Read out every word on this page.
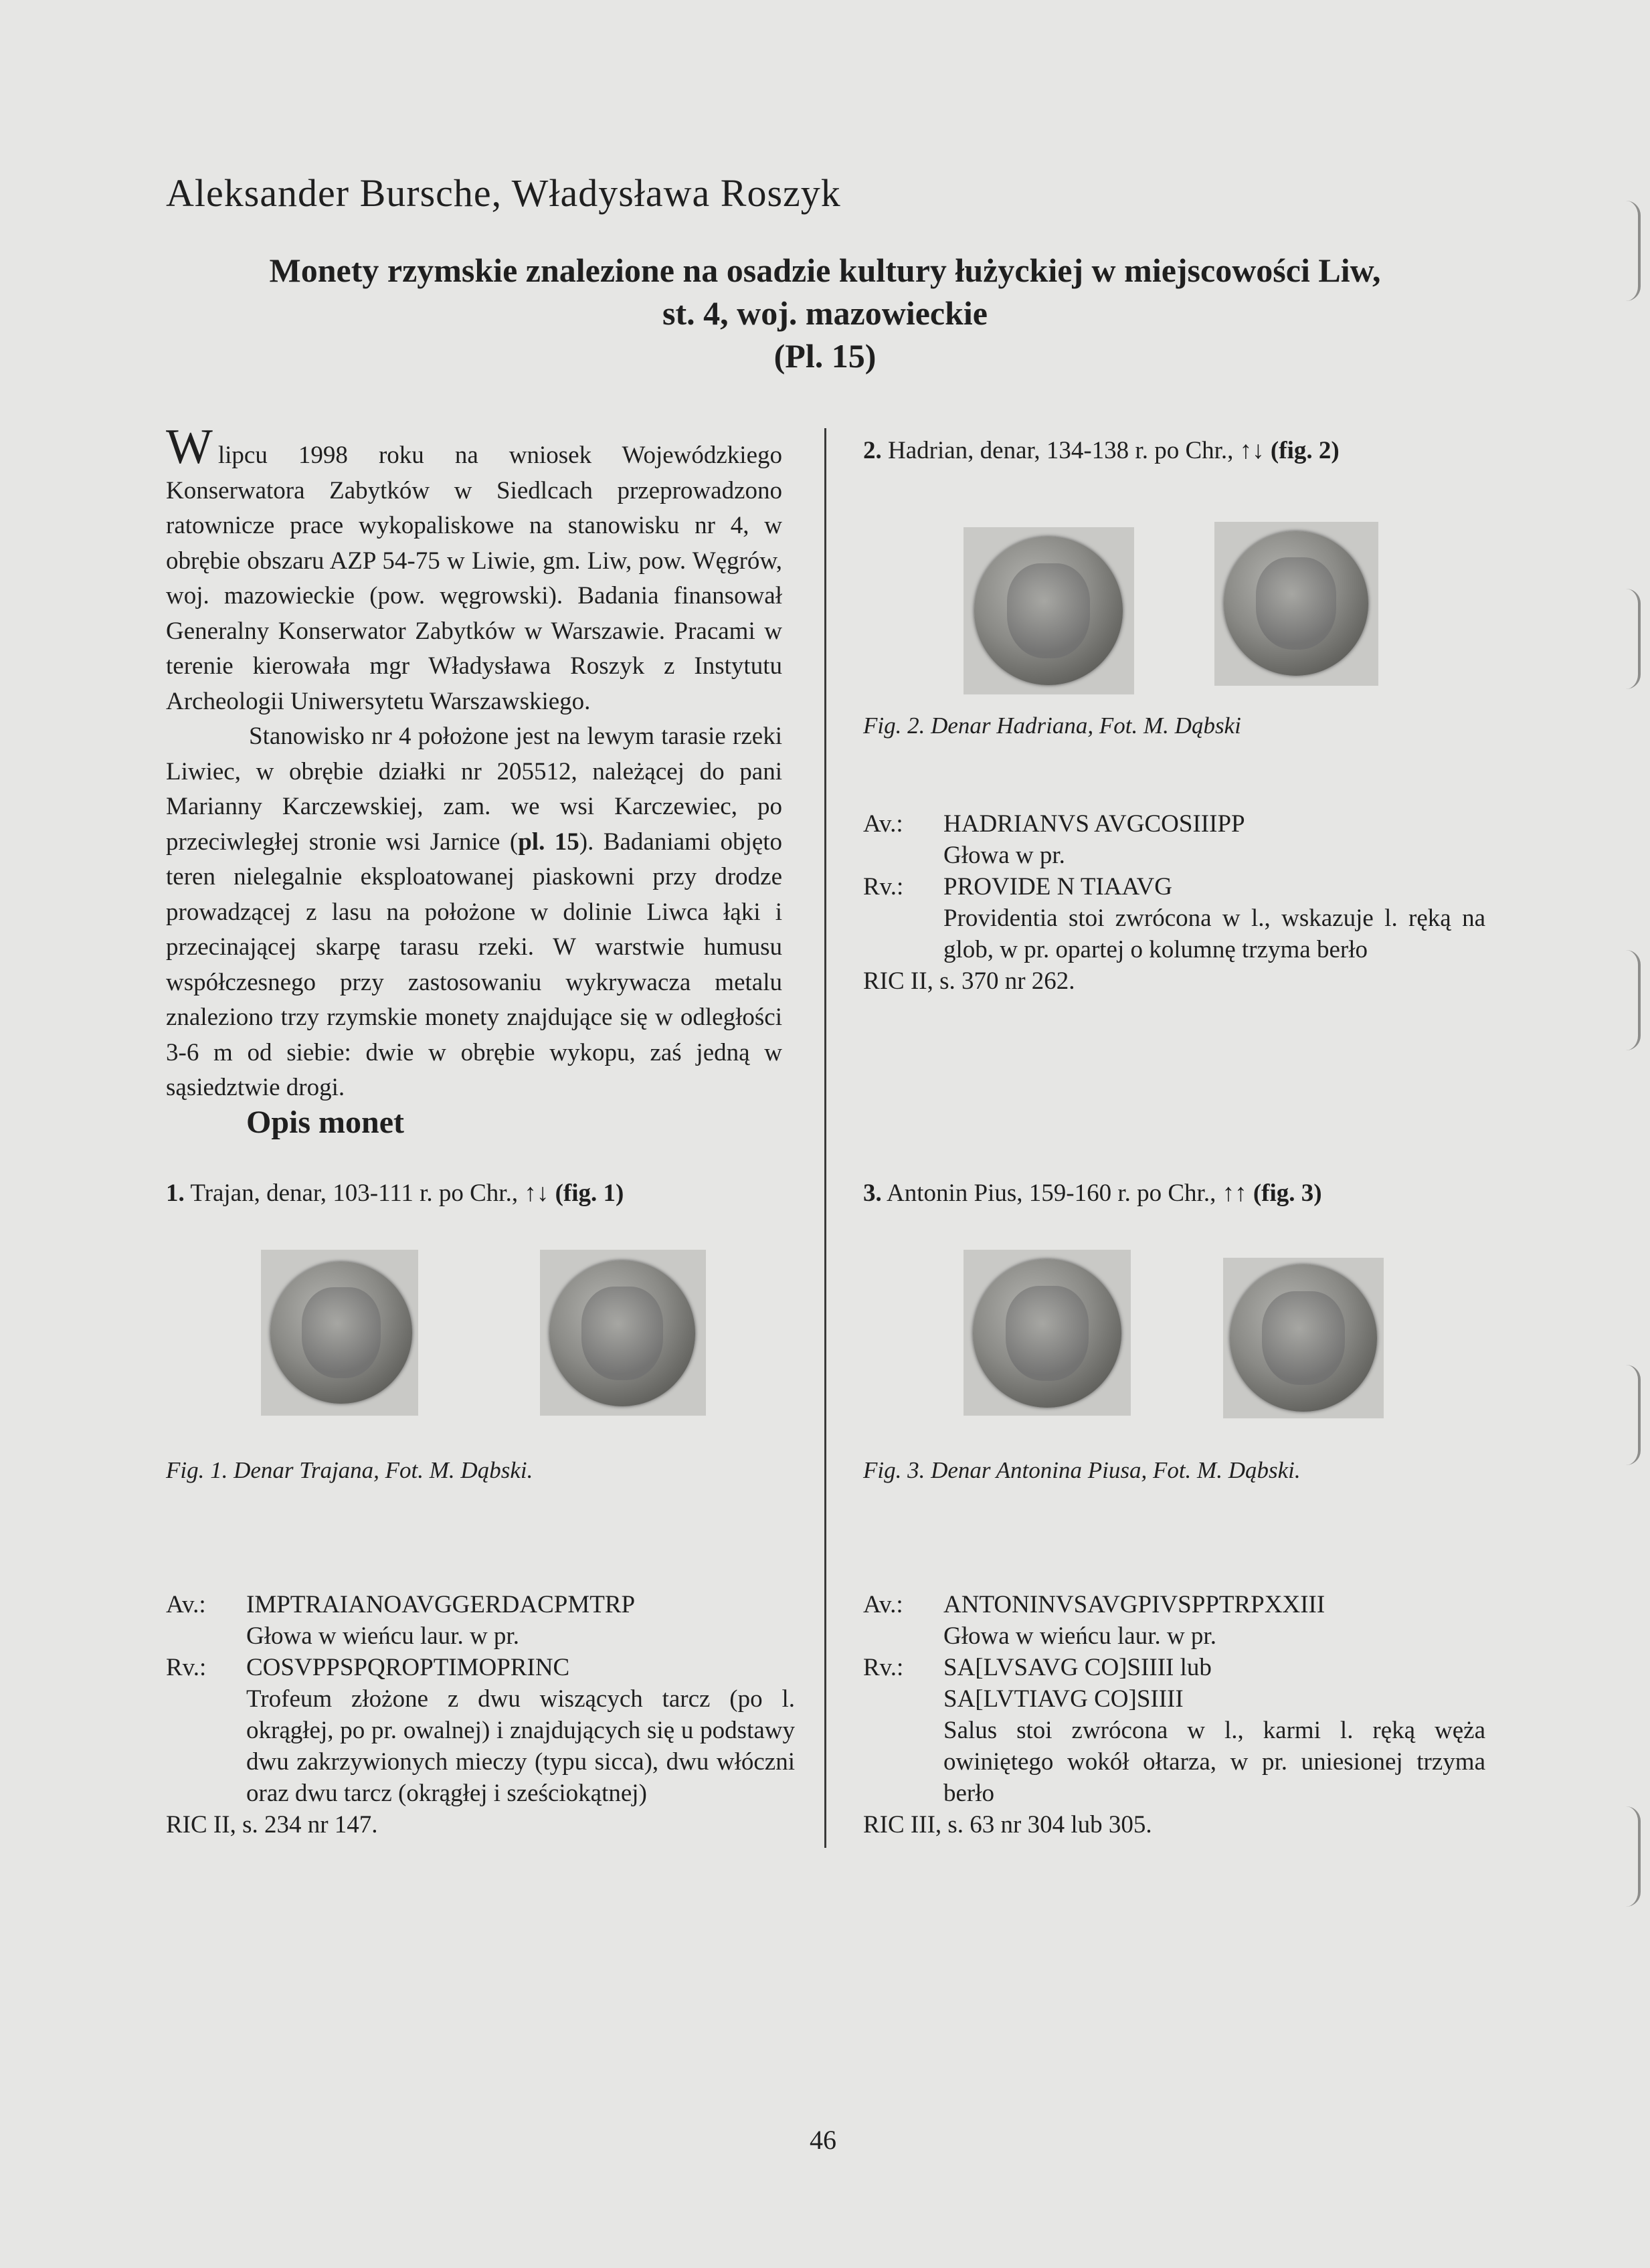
Aleksander Bursche, Władysława Roszyk
Monety rzymskie znalezione na osadzie kultury łużyckiej w miejscowości Liw,
st. 4, woj. mazowieckie
(Pl. 15)

Wlipcu 1998 roku na wniosek Wojewódzkiego Konserwatora Zabytków w Siedlcach przeprowadzono ratownicze prace wykopaliskowe na stanowisku nr 4, w obrębie obszaru AZP 54-75 w Liwie, gm. Liw, pow. Węgrów, woj. mazowieckie (pow. węgrowski). Badania finansował Generalny Konserwator Zabytków w Warszawie. Pracami w terenie kierowała mgr Władysława Roszyk z Instytutu Archeologii Uniwersytetu Warszawskiego.

Stanowisko nr 4 położone jest na lewym tarasie rzeki Liwiec, w obrębie działki nr 205512, należącej do pani Marianny Karczewskiej, zam. we wsi Karczewiec, po przeciwległej stronie wsi Jarnice (pl. 15). Badaniami objęto teren nielegalnie eksploatowanej piaskowni przy drodze prowadzącej z lasu na położone w dolinie Liwca łąki i przecinającej skarpę tarasu rzeki. W warstwie humusu współczesnego przy zastosowaniu wykrywacza metalu znaleziono trzy rzymskie monety znajdujące się w odległości 3-6 m od siebie: dwie w obrębie wykopu, zaś jedną w sąsiedztwie drogi.

Opis monet
1. Trajan, denar, 103-111 r. po Chr., ↑↓ (fig. 1)
Fig. 1. Denar Trajana, Fot. M. Dąbski.
Av.:	IMPTRAIANOAVGGERDACPMTRP
Głowa w wieńcu laur. w pr.
Rv.:	COSVPPSPQROPTIMOPRINC
Trofeum złożone z dwu wiszących tarcz (po l. okrągłej, po pr. owalnej) i znajdujących się u podstawy dwu zakrzywionych mieczy (typu sicca), dwu włóczni oraz dwu tarcz (okrągłej i sześciokątnej)
RIC II, s. 234 nr 147.
2. Hadrian, denar, 134-138 r. po Chr., ↑↓ (fig. 2)
Fig. 2. Denar Hadriana, Fot. M. Dąbski
Av.:	HADRIANVS AVGCOSIIIPP
Głowa w pr.
Rv.:	PROVIDE N TIAAVG
Providentia stoi zwrócona w l., wskazuje l. ręką na glob, w pr. opartej o kolumnę trzyma berło
RIC II, s. 370 nr 262.
3. Antonin Pius, 159-160 r. po Chr., ↑↑ (fig. 3)
Fig. 3. Denar Antonina Piusa, Fot. M. Dąbski.
Av.:	ANTONINVSAVGPIVSPPTRPXXIII
Głowa w wieńcu laur. w pr.
Rv.:	SA[LVSAVG CO]SIIII lub
SA[LVTIAVG CO]SIIII
Salus stoi zwrócona w l., karmi l. ręką węża owiniętego wokół ołtarza, w pr. uniesionej trzyma berło
RIC III, s. 63 nr 304 lub 305.
46
